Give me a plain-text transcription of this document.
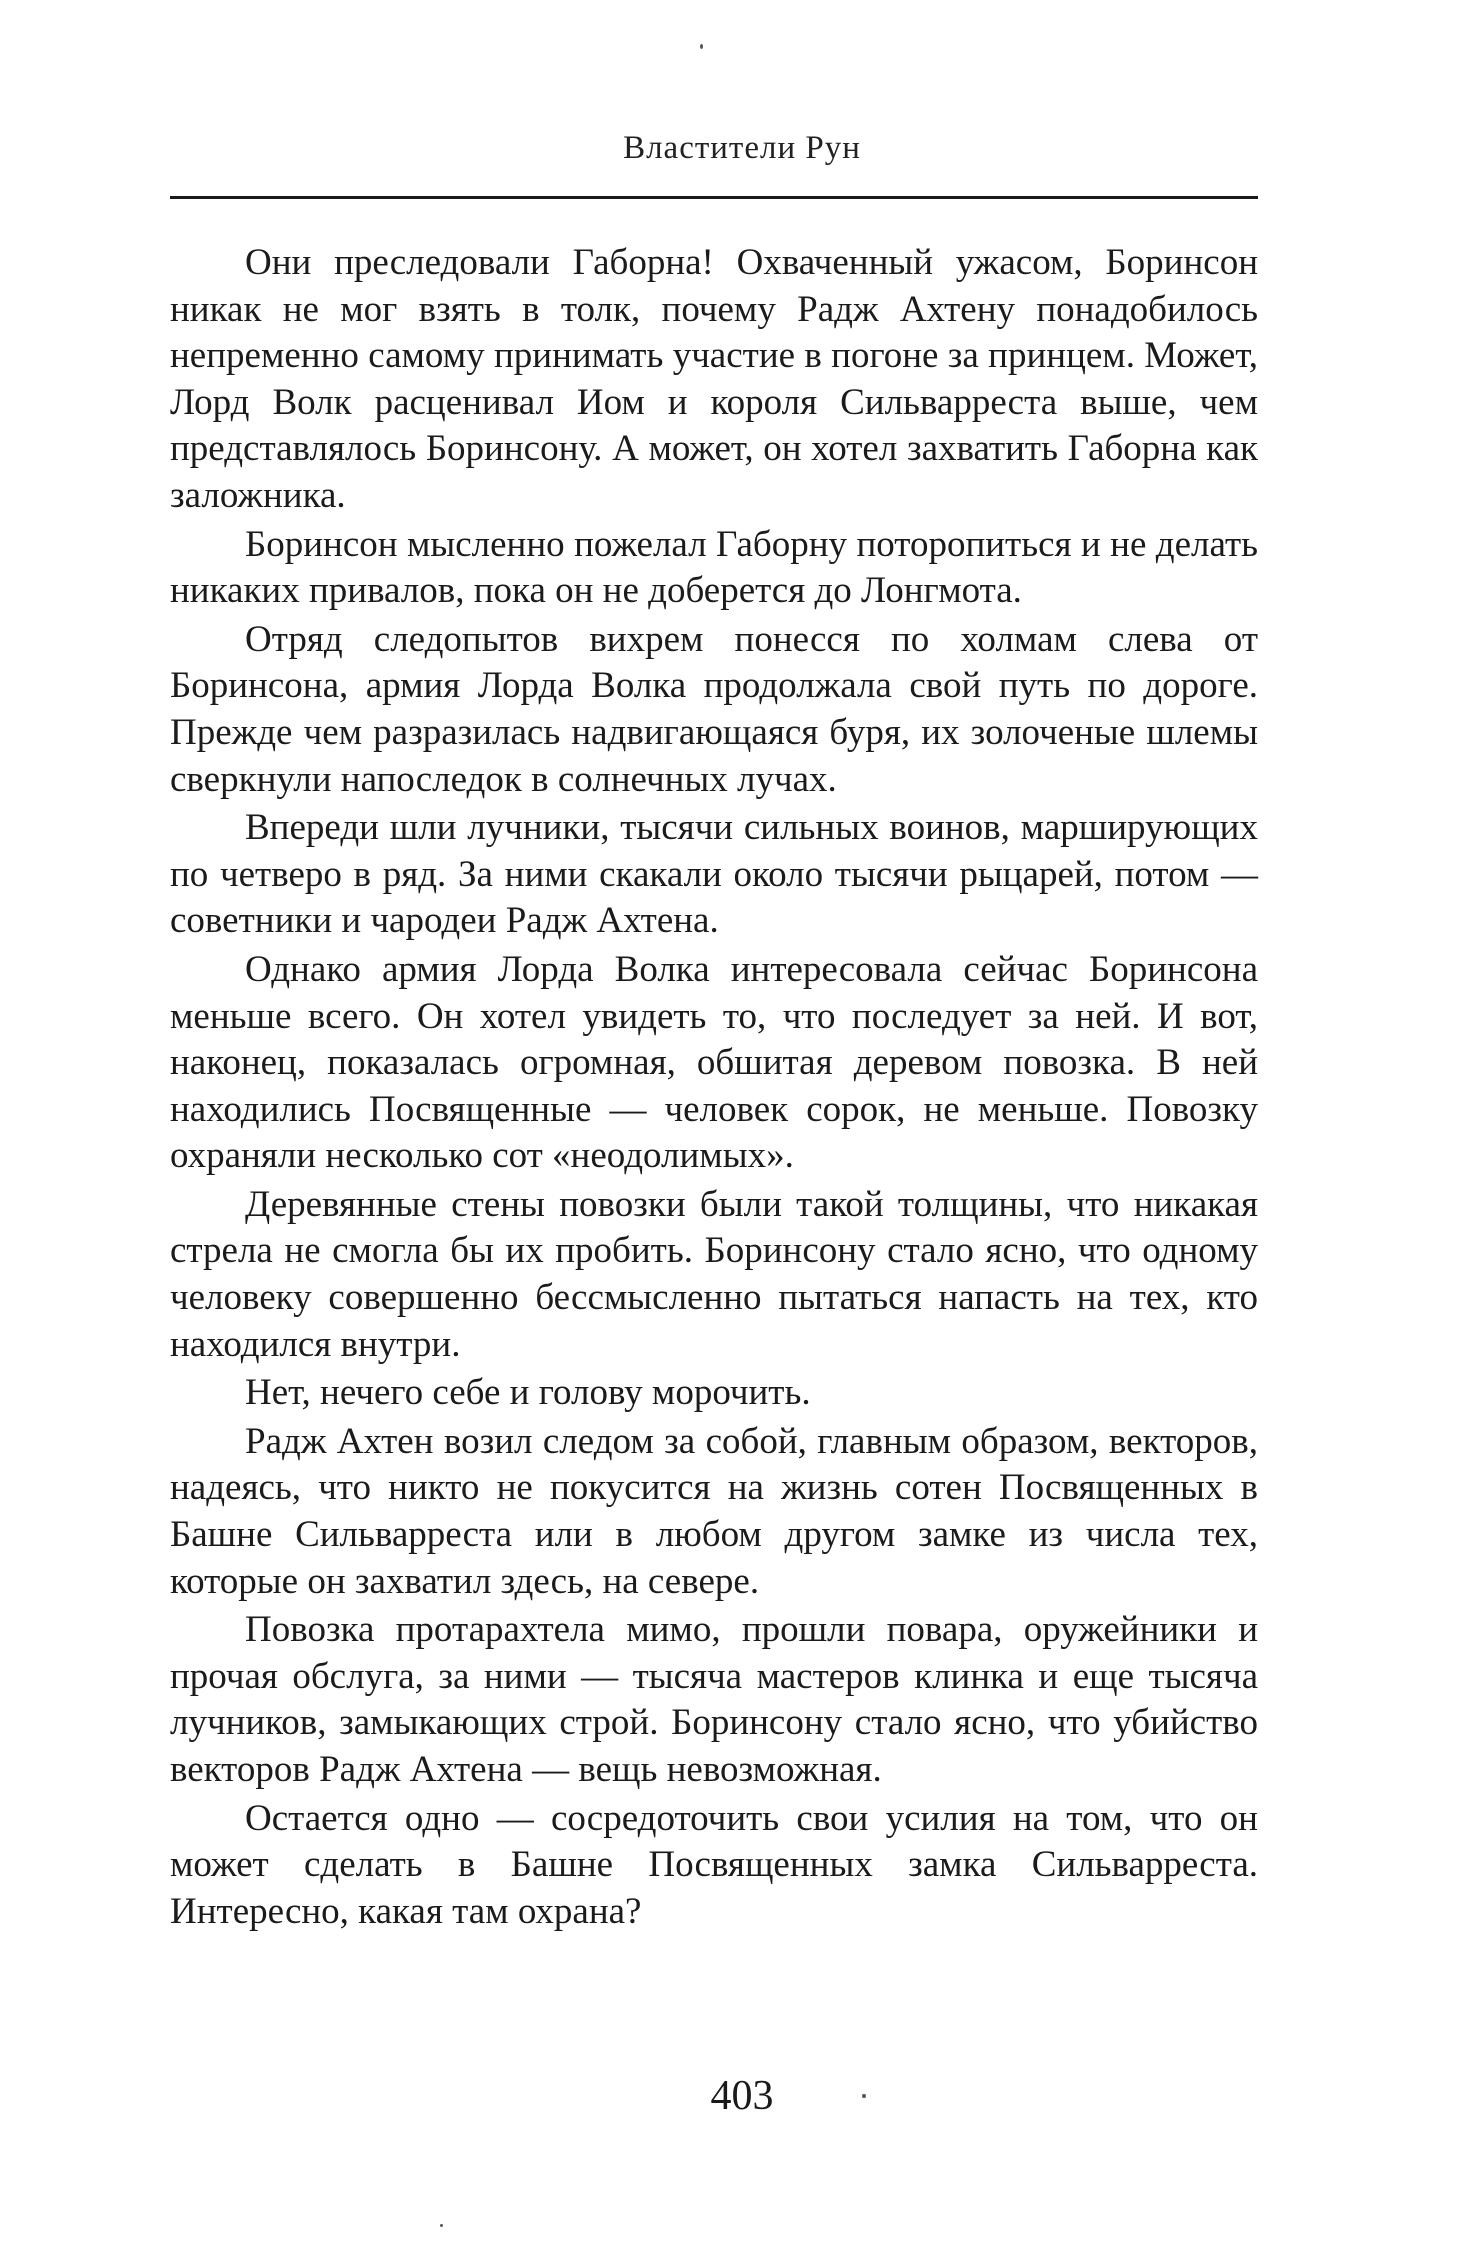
Властители Рун

Они преследовали Габорна! Охваченный ужасом, Боринсон никак не мог взять в толк, почему Радж Ахтену понадобилось непременно самому принимать участие в погоне за принцем. Может, Лорд Волк расценивал Иом и короля Сильварреста выше, чем представлялось Боринсону. А может, он хотел захватить Габорна как заложника.

Боринсон мысленно пожелал Габорну поторопиться и не делать никаких привалов, пока он не доберется до Лонгмота.

Отряд следопытов вихрем понесся по холмам слева от Боринсона, армия Лорда Волка продолжала свой путь по дороге. Прежде чем разразилась надвигающаяся буря, их золоченые шлемы сверкнули напоследок в солнечных лучах.

Впереди шли лучники, тысячи сильных воинов, марширующих по четверо в ряд. За ними скакали около тысячи рыцарей, потом — советники и чародеи Радж Ахтена.

Однако армия Лорда Волка интересовала сейчас Боринсона меньше всего. Он хотел увидеть то, что последует за ней. И вот, наконец, показалась огромная, обшитая деревом повозка. В ней находились Посвященные — человек сорок, не меньше. Повозку охраняли несколько сот «неодолимых».

Деревянные стены повозки были такой толщины, что никакая стрела не смогла бы их пробить. Боринсону стало ясно, что одному человеку совершенно бессмысленно пытаться напасть на тех, кто находился внутри.

Нет, нечего себе и голову морочить.

Радж Ахтен возил следом за собой, главным образом, векторов, надеясь, что никто не покусится на жизнь сотен Посвященных в Башне Сильварреста или в любом другом замке из числа тех, которые он захватил здесь, на севере.

Повозка протарахтела мимо, прошли повара, оружейники и прочая обслуга, за ними — тысяча мастеров клинка и еще тысяча лучников, замыкающих строй. Боринсону стало ясно, что убийство векторов Радж Ахтена — вещь невозможная.

Остается одно — сосредоточить свои усилия на том, что он может сделать в Башне Посвященных замка Сильварреста. Интересно, какая там охрана?

403
